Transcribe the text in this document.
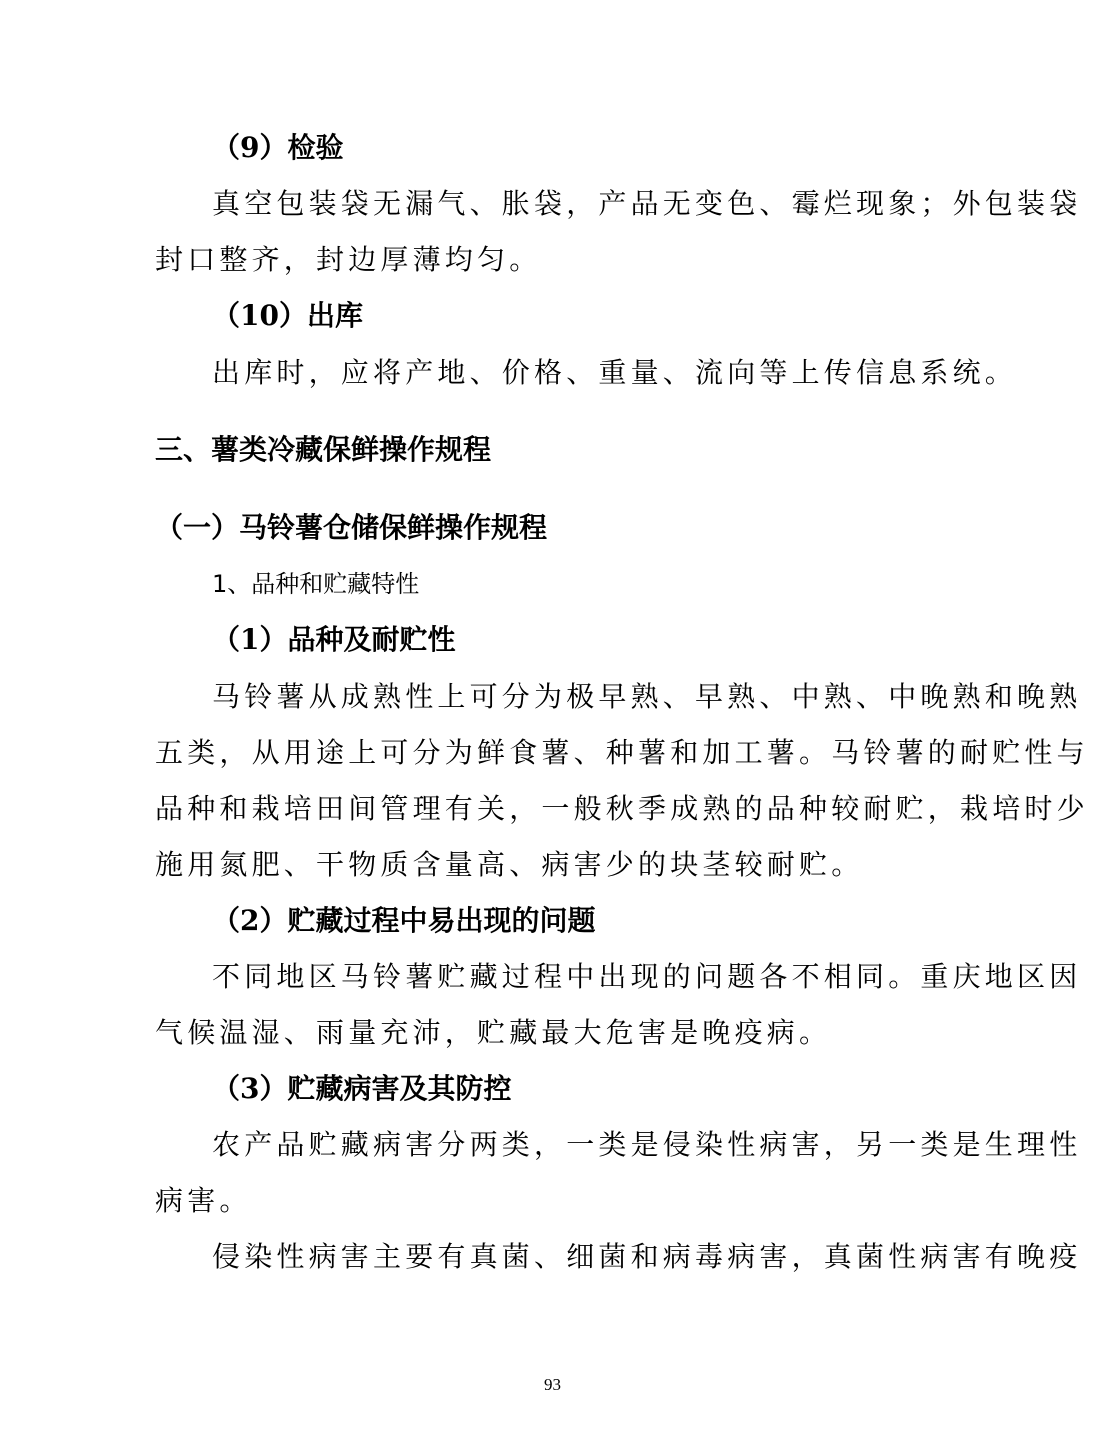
（9）检验
真空包装袋无漏气、胀袋，产品无变色、霉烂现象；外包装袋
封口整齐，封边厚薄均匀。
（10）出库
出库时，应将产地、价格、重量、流向等上传信息系统。
三、薯类冷藏保鲜操作规程
（一）马铃薯仓储保鲜操作规程
1、品种和贮藏特性
（1）品种及耐贮性
马铃薯从成熟性上可分为极早熟、早熟、中熟、中晚熟和晚熟
五类，从用途上可分为鲜食薯、种薯和加工薯。马铃薯的耐贮性与
品种和栽培田间管理有关，一般秋季成熟的品种较耐贮，栽培时少
施用氮肥、干物质含量高、病害少的块茎较耐贮。
（2）贮藏过程中易出现的问题
不同地区马铃薯贮藏过程中出现的问题各不相同。重庆地区因
气候温湿、雨量充沛，贮藏最大危害是晚疫病。
（3）贮藏病害及其防控
农产品贮藏病害分两类，一类是侵染性病害，另一类是生理性
病害。
侵染性病害主要有真菌、细菌和病毒病害，真菌性病害有晚疫
93
